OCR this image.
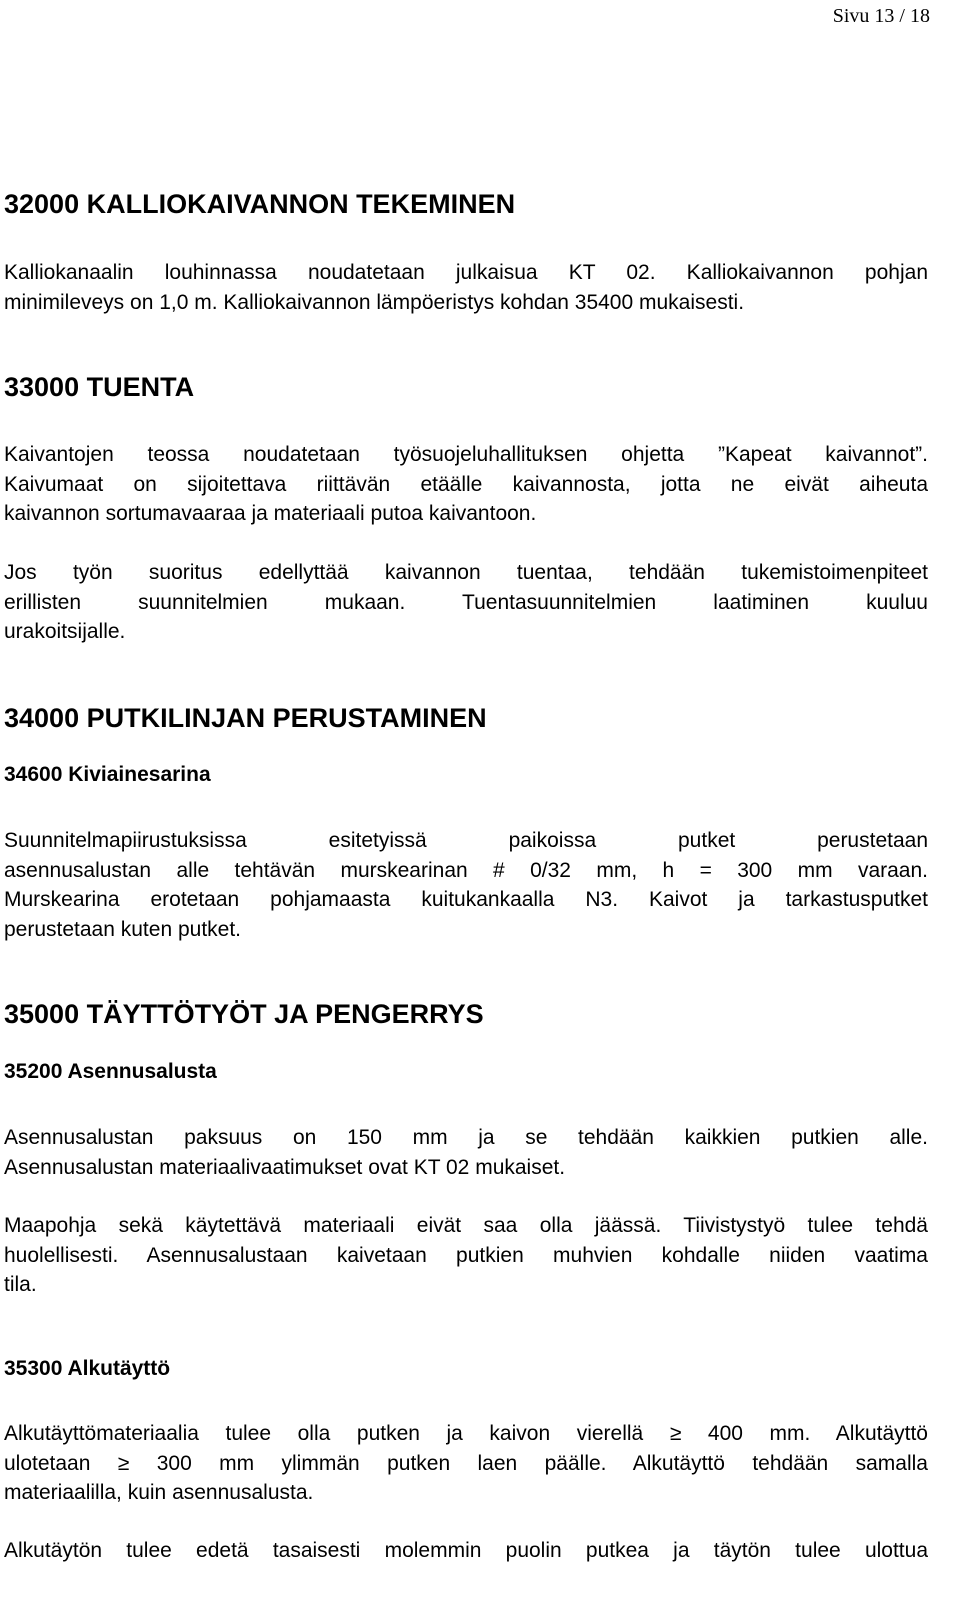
Sivu 13 / 18
32000 KALLIOKAIVANNON TEKEMINEN
Kalliokanaalin louhinnassa noudatetaan julkaisua KT 02. Kalliokaivannon pohjan
minimileveys on 1,0 m. Kalliokaivannon lämpöeristys kohdan 35400 mukaisesti.
33000 TUENTA
Kaivantojen teossa noudatetaan työsuojeluhallituksen ohjetta ”Kapeat kaivannot”.
Kaivumaat on sijoitettava riittävän etäälle kaivannosta, jotta ne eivät aiheuta
kaivannon sortumavaaraa ja materiaali putoa kaivantoon.
Jos työn suoritus edellyttää kaivannon tuentaa, tehdään tukemistoimenpiteet
erillisten suunnitelmien mukaan. Tuentasuunnitelmien laatiminen kuuluu
urakoitsijalle.
34000 PUTKILINJAN PERUSTAMINEN
34600 Kiviainesarina
Suunnitelmapiirustuksissa esitetyissä paikoissa putket perustetaan
asennusalustan alle tehtävän murskearinan # 0/32 mm, h = 300 mm varaan.
Murskearina erotetaan pohjamaasta kuitukankaalla N3. Kaivot ja tarkastusputket
perustetaan kuten putket.
35000 TÄYTTÖTYÖT JA PENGERRYS
35200 Asennusalusta
Asennusalustan paksuus on 150 mm ja se tehdään kaikkien putkien alle.
Asennusalustan materiaalivaatimukset ovat KT 02 mukaiset.
Maapohja sekä käytettävä materiaali eivät saa olla jäässä. Tiivistystyö tulee tehdä
huolellisesti. Asennusalustaan kaivetaan putkien muhvien kohdalle niiden vaatima
tila.
35300 Alkutäyttö
Alkutäyttömateriaalia tulee olla putken ja kaivon vierellä ≥ 400 mm. Alkutäyttö
ulotetaan ≥ 300 mm ylimmän putken laen päälle. Alkutäyttö tehdään samalla
materiaalilla, kuin asennusalusta.
Alkutäytön tulee edetä tasaisesti molemmin puolin putkea ja täytön tulee ulottua
